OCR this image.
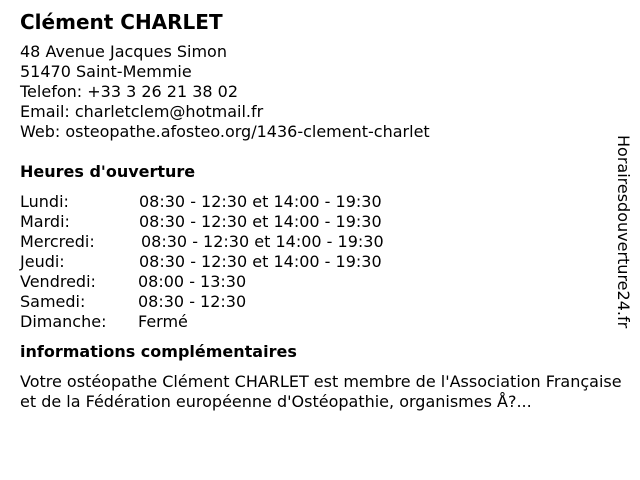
Clément CHARLET
48 Avenue Jacques Simon
51470 Saint-Memmie
Telefon: +33 3 26 21 38 02
Email: charletclem@hotmail.fr
Web: osteopathe.afosteo.org/1436-clement-charlet
Heures d'ouverture
Lundi:	08:30 - 12:30 et 14:00 - 19:30
Mardi:	08:30 - 12:30 et 14:00 - 19:30
Mercredi:	08:30 - 12:30 et 14:00 - 19:30
Jeudi:	08:30 - 12:30 et 14:00 - 19:30
Vendredi:	08:00 - 13:30
Samedi:	08:30 - 12:30
Dimanche: Fermé
informations complémentaires
Votre ostéopathe Clément CHARLET est membre de l'Association Française et de la Fédération européenne d'Ostéopathie, organismes Å?...
Horairesdouverture24.fr
